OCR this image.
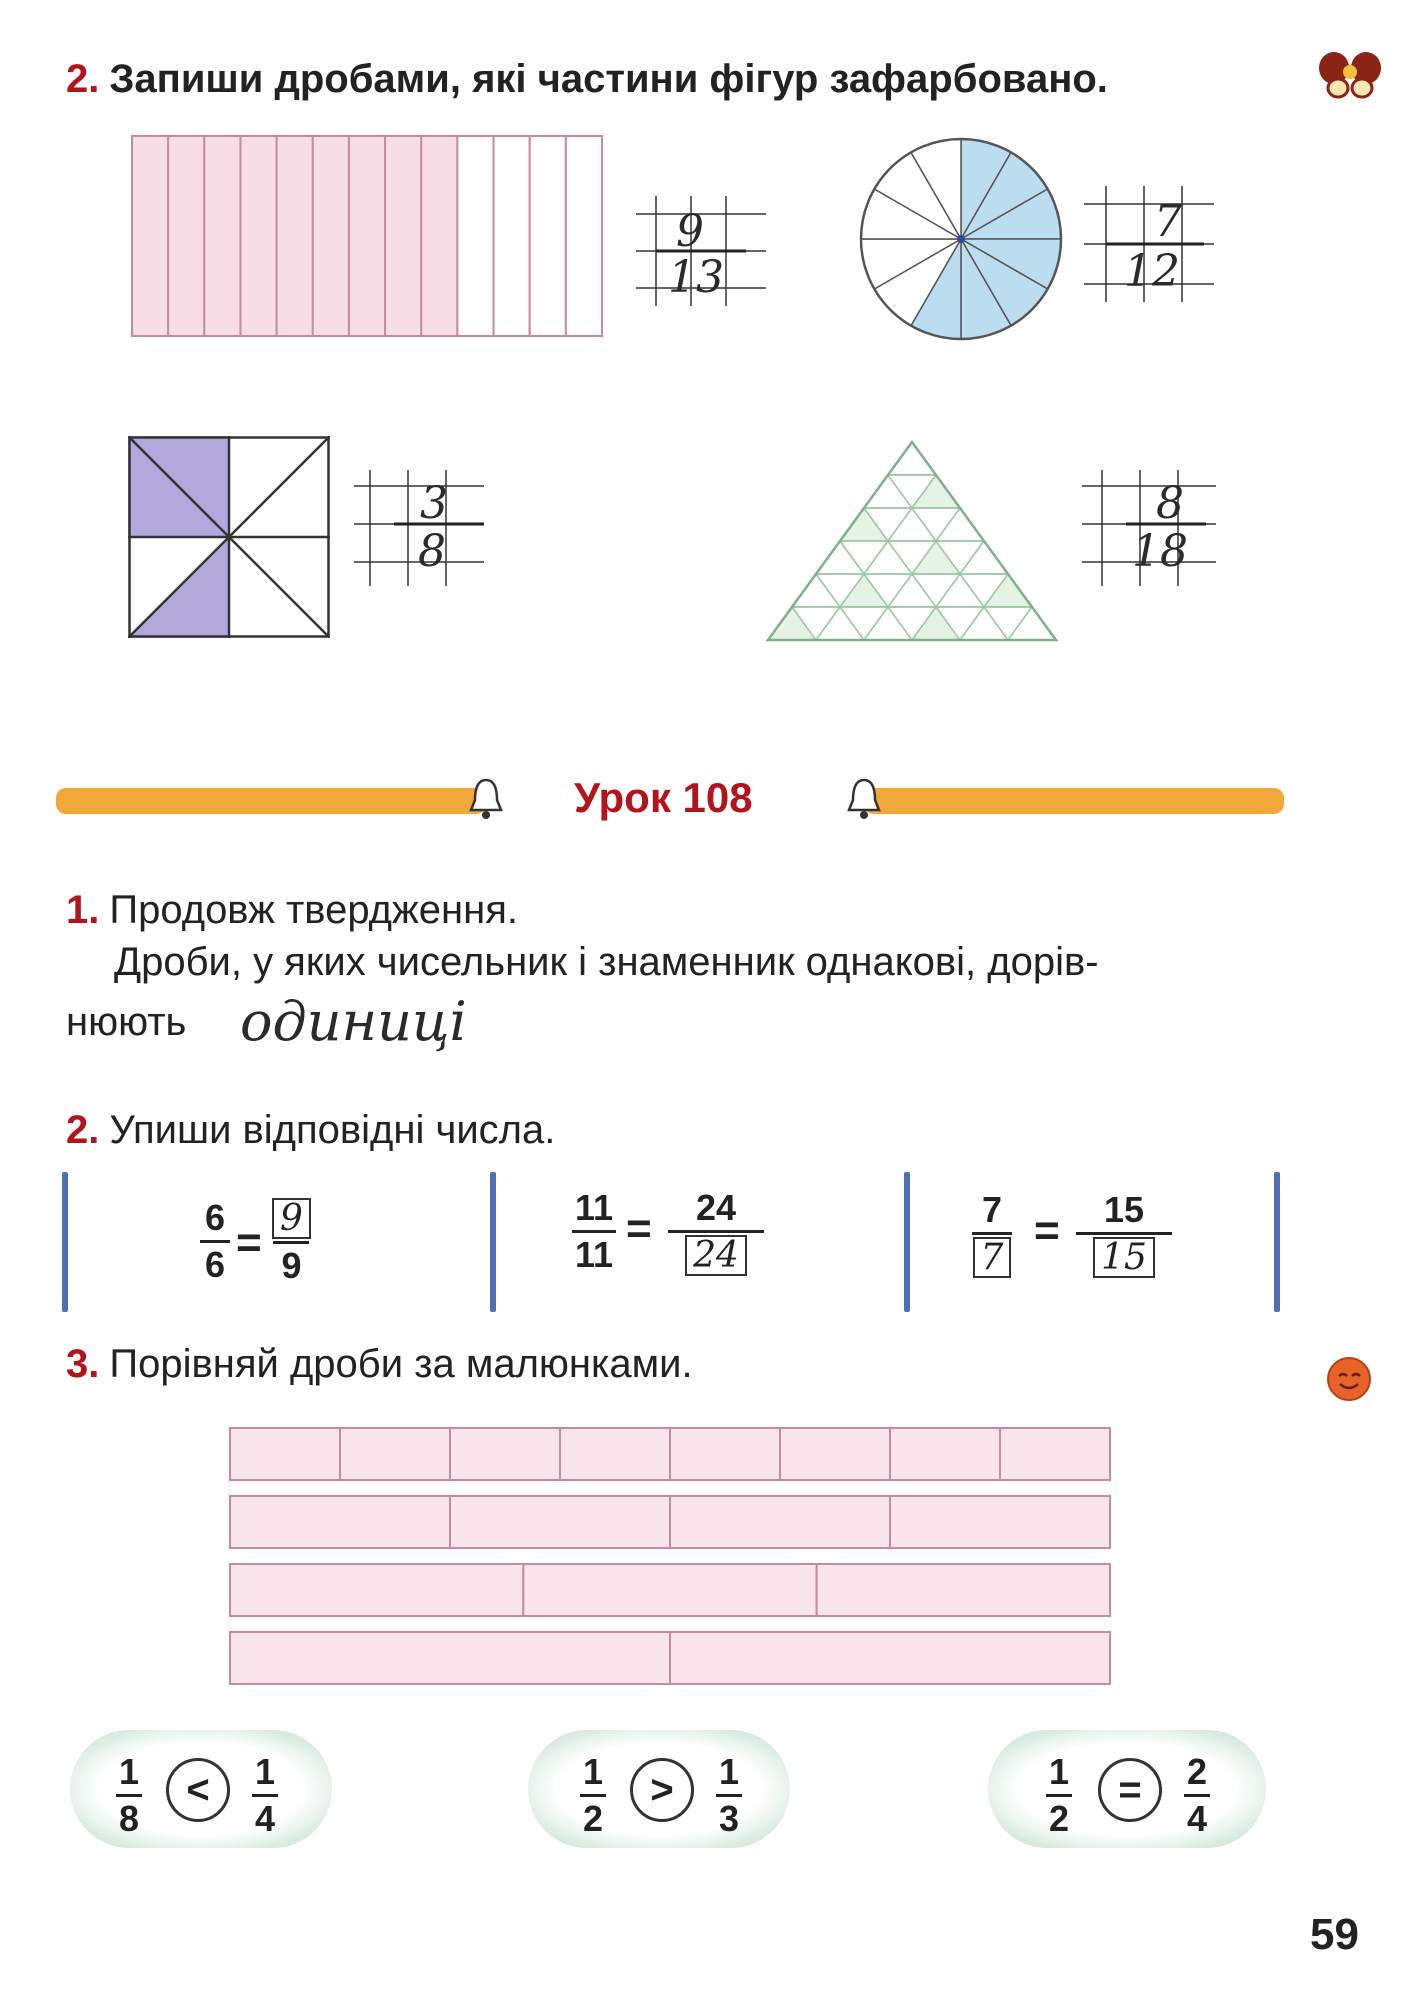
2. Запиши дробами, які частини фігур зафарбовано.
9
13
7
12
3
8
8
18
Урок 108
1. Продовж твердження.
Дроби, у яких чисельник і знаменник однакові, дорів-
нюють одиниці
2. Упиши відповідні числа.
6
$6 = \frac{9}{9}$	11
11
= $\frac{24}{24}$	$\frac{7}{7} = \frac{15}{15}$
3. Порівняй дроби за малюнками.
1
8
<	1
4
1
2
>	1
3
1
2
=	2
4
59
